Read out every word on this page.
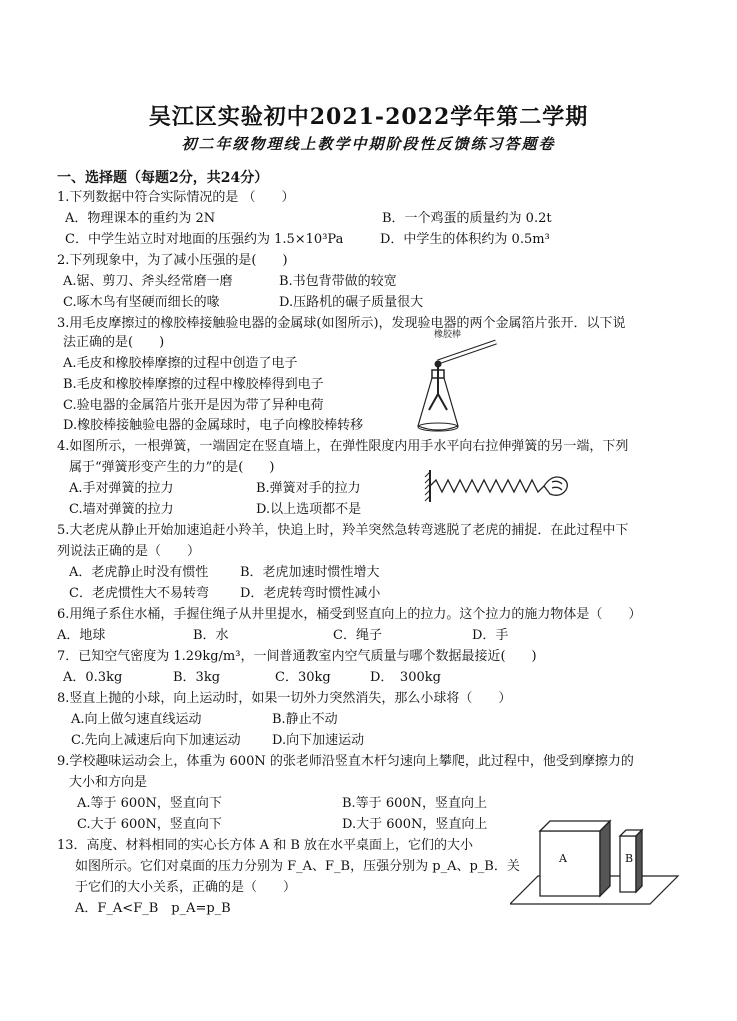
吴江区实验初中2021-2022学年第二学期
初二年级物理线上教学中期阶段性反馈练习答题卷
一、选择题（每题2分，共24分）
1.下列数据中符合实际情况的是 （　　）
A．物理课本的重约为 2N	B．一个鸡蛋的质量约为 0.2t
C．中学生站立时对地面的压强约为 1.5×10³Pa	D．中学生的体积约为 0.5m³
2.下列现象中，为了减小压强的是(　　)
A.锯、剪刀、斧头经常磨一磨	B.书包背带做的较宽
C.啄木鸟有坚硬而细长的喙	D.压路机的碾子质量很大
3.用毛皮摩擦过的橡胶棒接触验电器的金属球(如图所示)，发现验电器的两个金属箔片张开．以下说
法正确的是(　　)
A.毛皮和橡胶棒摩擦的过程中创造了电子
B.毛皮和橡胶棒摩擦的过程中橡胶棒得到电子
C.验电器的金属箔片张开是因为带了异种电荷
D.橡胶棒接触验电器的金属球时，电子向橡胶棒转移
橡胶棒
4.如图所示，一根弹簧，一端固定在竖直墙上，在弹性限度内用手水平向右拉伸弹簧的另一端，下列
属于“弹簧形变产生的力”的是(　　)
A.手对弹簧的拉力	B.弹簧对手的拉力
C.墙对弹簧的拉力	D.以上选项都不是
5.大老虎从静止开始加速追赶小羚羊，快追上时，羚羊突然急转弯逃脱了老虎的捕捉．在此过程中下
列说法正确的是（　　）
A．老虎静止时没有惯性 B．老虎加速时惯性增大
C．老虎惯性大不易转弯 D．老虎转弯时惯性减小
6.用绳子系住水桶，手握住绳子从井里提水，桶受到竖直向上的拉力。这个拉力的施力物体是（　　）
A．地球	B．水	C．绳子	D．手
7．已知空气密度为 1.29kg/m³，一间普通教室内空气质量与哪个数据最接近(　　)
A．0.3kg	B．3kg	C．30kg	D．　300kg
8.竖直上抛的小球，向上运动时，如果一切外力突然消失，那么小球将（　　）
A.向上做匀速直线运动	B.静止不动
C.先向上减速后向下加速运动 D.向下加速运动
9.学校趣味运动会上，体重为 600N 的张老师沿竖直木杆匀速向上攀爬，此过程中，他受到摩擦力的
大小和方向是
A.等于 600N，竖直向下	B.等于 600N，竖直向上
C.大于 600N，竖直向下	D.大于 600N，竖直向上
13．高度、材料相同的实心长方体 A 和 B 放在水平桌面上，它们的大小
如图所示。它们对桌面的压力分别为 F_A、F_B，压强分别为 p_A、p_B．关
于它们的大小关系，正确的是（　　）
A．F_A<F_B　p_A=p_B
A	B
